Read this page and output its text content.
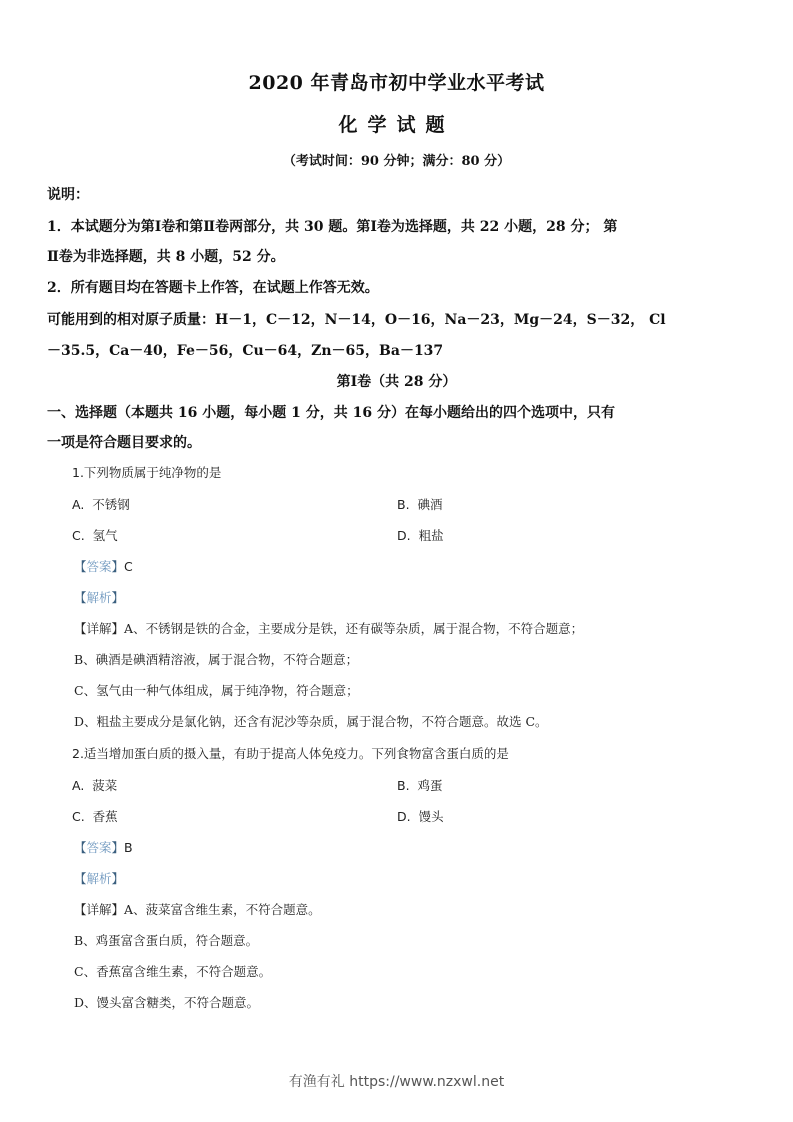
2020 年青岛市初中学业水平考试
化学试题
（考试时间：90 分钟；满分：80 分）
说明：
1．本试题分为第Ⅰ卷和第Ⅱ卷两部分，共 30 题。第Ⅰ卷为选择题，共 22 小题，28 分； 第
Ⅱ卷为非选择题，共 8 小题，52 分。
2．所有题目均在答题卡上作答，在试题上作答无效。
可能用到的相对原子质量：H－1，C－12，N－14，O－16，Na－23，Mg－24，S－32， Cl
－35.5，Ca－40，Fe－56，Cu－64，Zn－65，Ba－137
第Ⅰ卷（共 28 分）
一、选择题（本题共 16 小题，每小题 1 分，共 16 分）在每小题给出的四个选项中，只有
一项是符合题目要求的。
1.下列物质属于纯净物的是
A. 不锈钢	B. 碘酒
C. 氢气	D. 粗盐
【答案】C
【解析】
【详解】A、不锈钢是铁的合金，主要成分是铁，还有碳等杂质，属于混合物，不符合题意；
B、碘酒是碘酒精溶液，属于混合物，不符合题意；
C、氢气由一种气体组成，属于纯净物，符合题意；
D、粗盐主要成分是氯化钠，还含有泥沙等杂质，属于混合物，不符合题意。故选 C。
2.适当增加蛋白质的摄入量，有助于提高人体免疫力。下列食物富含蛋白质的是
A. 菠菜	B. 鸡蛋
C. 香蕉	D. 馒头
【答案】B
【解析】
【详解】A、菠菜富含维生素，不符合题意。
B、鸡蛋富含蛋白质，符合题意。
C、香蕉富含维生素，不符合题意。
D、馒头富含糖类，不符合题意。
有渔有礼 https://www.nzxwl.net
